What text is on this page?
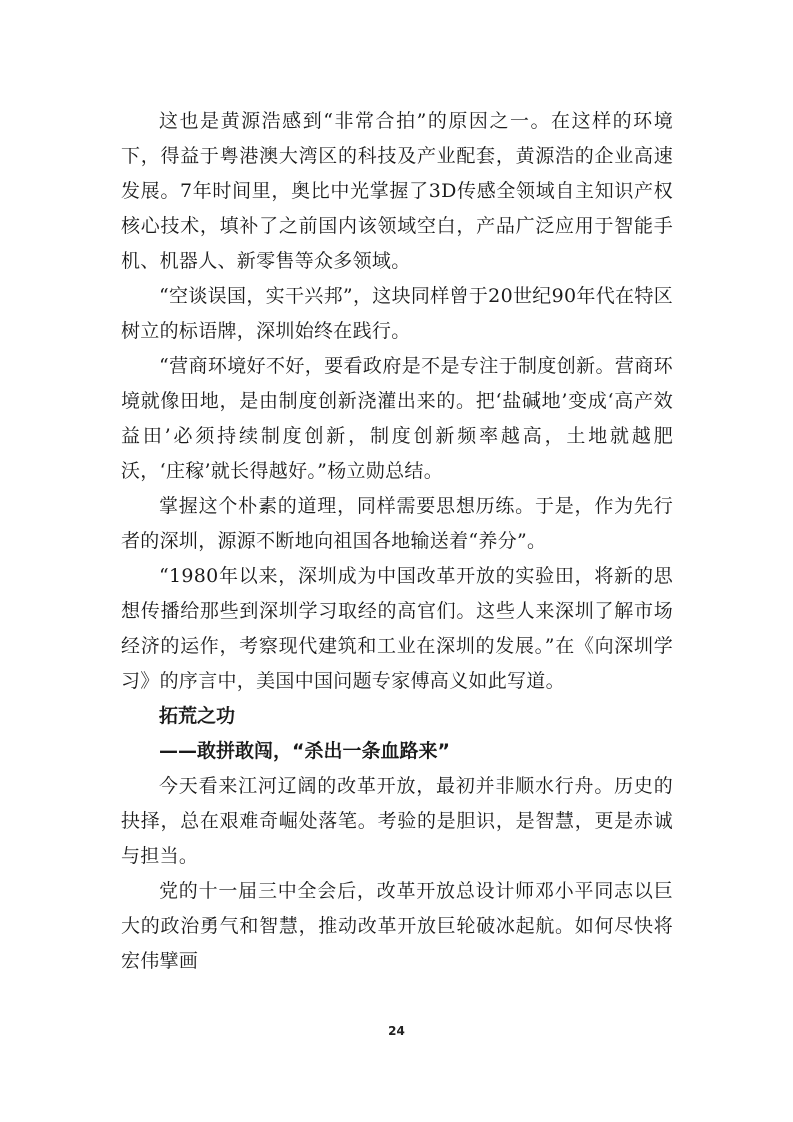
这也是黄源浩感到“非常合拍”的原因之一。在这样的环境下，得益于粤港澳大湾区的科技及产业配套，黄源浩的企业高速发展。7年时间里，奥比中光掌握了3D传感全领域自主知识产权核心技术，填补了之前国内该领域空白，产品广泛应用于智能手机、机器人、新零售等众多领域。

“空谈误国，实干兴邦”，这块同样曾于20世纪90年代在特区树立的标语牌，深圳始终在践行。

“营商环境好不好，要看政府是不是专注于制度创新。营商环境就像田地，是由制度创新浇灌出来的。把‘盐碱地’变成‘高产效益田’必须持续制度创新，制度创新频率越高，土地就越肥沃，‘庄稼’就长得越好。”杨立勋总结。

掌握这个朴素的道理，同样需要思想历练。于是，作为先行者的深圳，源源不断地向祖国各地输送着“养分”。

“1980年以来，深圳成为中国改革开放的实验田，将新的思想传播给那些到深圳学习取经的高官们。这些人来深圳了解市场经济的运作，考察现代建筑和工业在深圳的发展。”在《向深圳学习》的序言中，美国中国问题专家傅高义如此写道。

拓荒之功

——敢拼敢闯，“杀出一条血路来”

今天看来江河辽阔的改革开放，最初并非顺水行舟。历史的抉择，总在艰难奇崛处落笔。考验的是胆识，是智慧，更是赤诚与担当。

党的十一届三中全会后，改革开放总设计师邓小平同志以巨大的政治勇气和智慧，推动改革开放巨轮破冰起航。如何尽快将宏伟擘画

24
